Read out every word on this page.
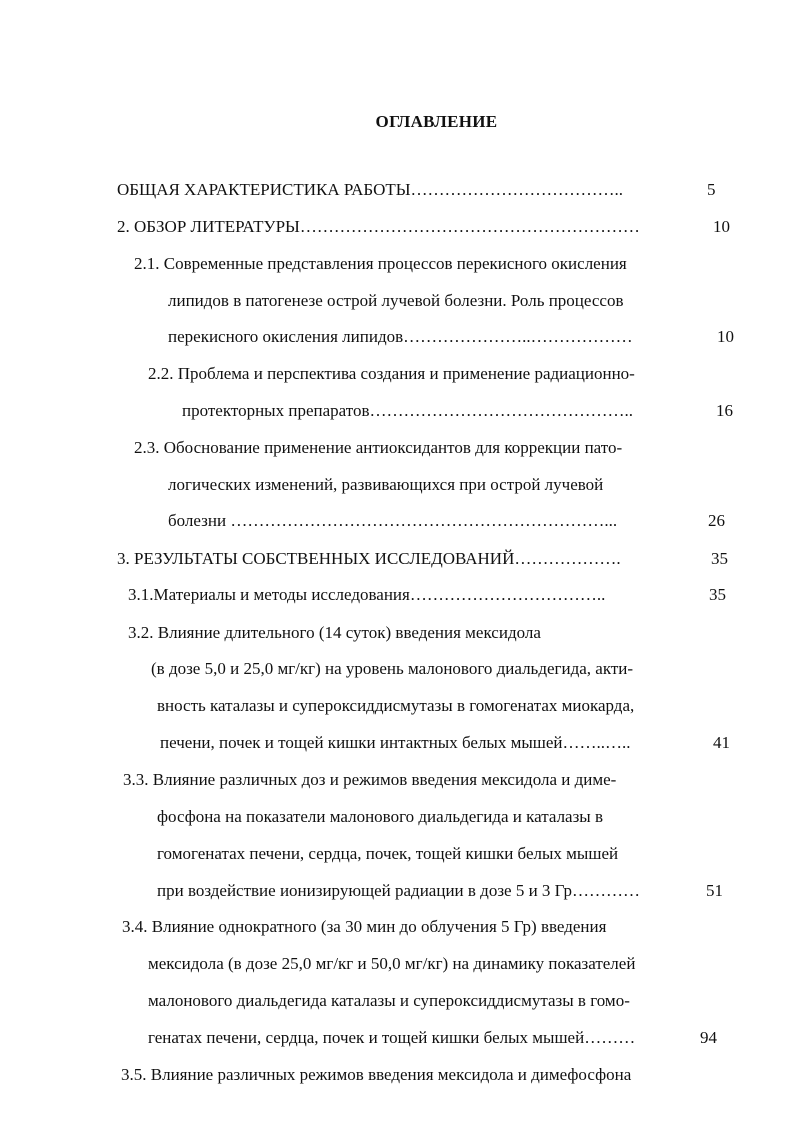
ОГЛАВЛЕНИЕ
ОБЩАЯ ХАРАКТЕРИСТИКА РАБОТЫ………………………………..	5
2. ОБЗОР ЛИТЕРАТУРЫ……………………………………………………	10
2.1. Современные представления процессов перекисного окисления
липидов в патогенезе острой лучевой болезни. Роль процессов
перекисного окисления липидов…………………..………………	10
2.2. Проблема и перспектива создания и применение радиационно-
протекторных препаратов………………………………………..	16
2.3. Обоснование применение антиоксидантов для коррекции пато-
логических изменений, развивающихся при острой лучевой
болезни …………………………………………………………...	26
3. РЕЗУЛЬТАТЫ СОБСТВЕННЫХ ИССЛЕДОВАНИЙ……………….	35
3.1.Материалы и методы исследования……………………………..	35
3.2. Влияние длительного (14 суток) введения мексидола
(в дозе 5,0 и 25,0 мг/кг) на уровень малонового диальдегида, акти-
вность каталазы и супероксиддисмутазы в гомогенатах миокарда,
печени, почек и тощей кишки интактных белых мышей……..…..	41
3.3. Влияние различных доз и режимов введения мексидола и диме-
фосфона на показатели малонового диальдегида и каталазы в
гомогенатах печени, сердца, почек, тощей кишки белых мышей
при воздействие ионизирующей радиации в дозе 5 и 3 Гр…………	51
3.4. Влияние однократного (за 30 мин до облучения 5 Гр) введения
мексидола (в дозе 25,0 мг/кг и 50,0 мг/кг) на динамику показателей
малонового диальдегида каталазы и супероксиддисмутазы в гомо-
генатах печени, сердца, почек и тощей кишки белых мышей………	94
3.5. Влияние различных режимов введения мексидола и димефосфона
